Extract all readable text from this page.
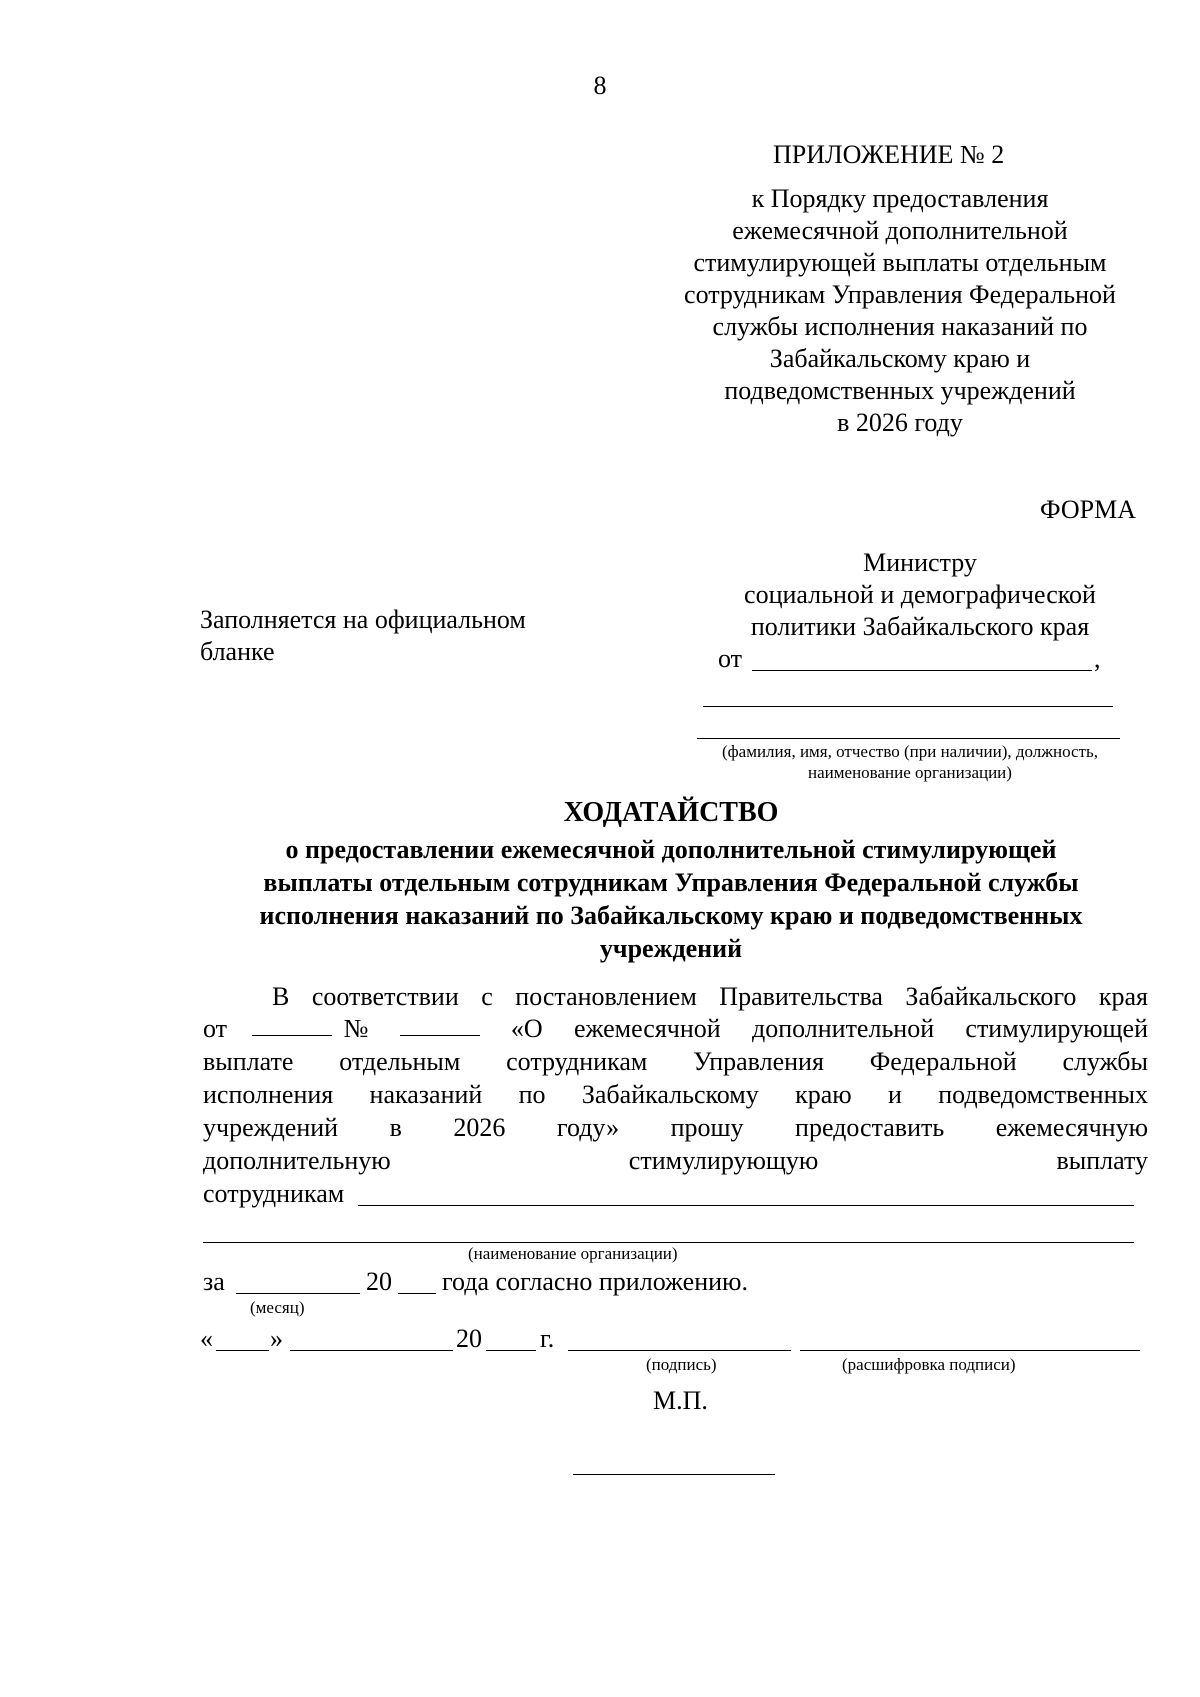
8
ПРИЛОЖЕНИЕ № 2
к Порядку предоставления
ежемесячной дополнительной
стимулирующей выплаты отдельным
сотрудникам Управления Федеральной
службы исполнения наказаний по
Забайкальскому краю и
подведомственных учреждений
в 2026 году
ФОРМА
Заполняется на официальном
бланке
Министру
социальной и демографической
политики Забайкальского края
от	,
(фамилия, имя, отчество (при наличии), должность,
наименование организации)
ХОДАТАЙСТВО
о предоставлении ежемесячной дополнительной стимулирующей
выплаты отдельным сотрудникам Управления Федеральной службы
исполнения наказаний по Забайкальскому краю и подведомственных
учреждений
В соответствии с постановлением Правительства Забайкальского края
от	№	«О ежемесячной дополнительной стимулирующей
выплате отдельным сотрудникам Управления Федеральной службы
исполнения наказаний по Забайкальскому краю и подведомственных
учреждений в 2026 году» прошу предоставить ежемесячную
дополнительную	стимулирующую	выплату
сотрудникам
(наименование организации)
за	20 года согласно приложению.
(месяц)
« »	20 г.
(подпись)	(расшифровка подписи)
М.П.
